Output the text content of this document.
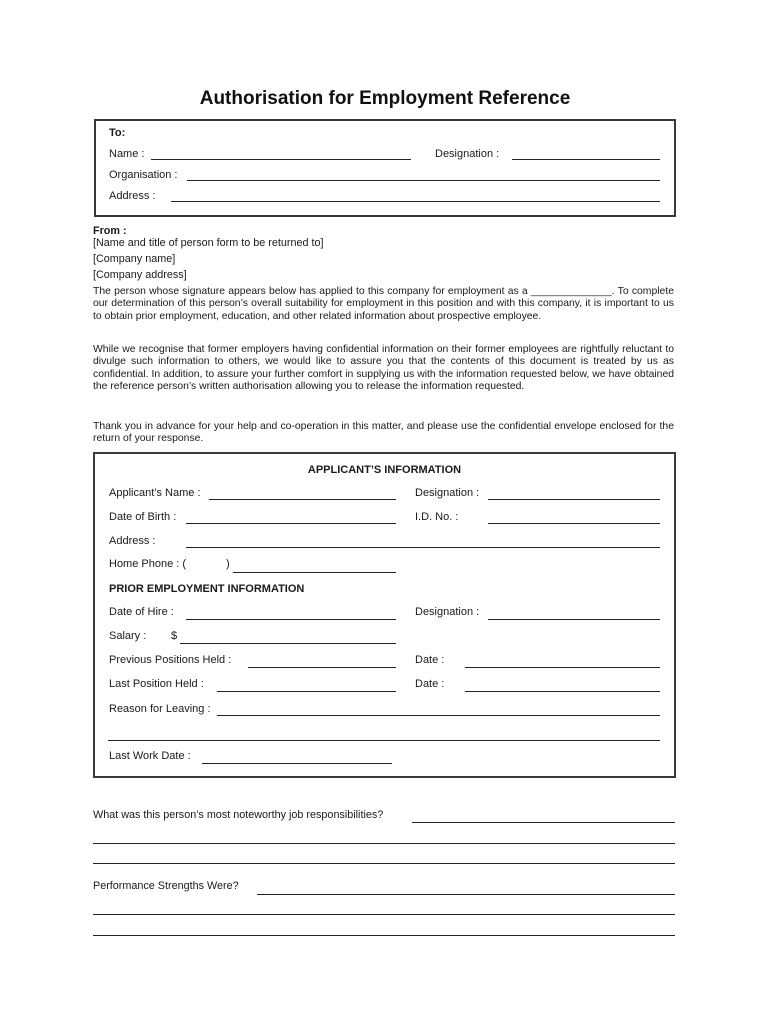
Authorisation for Employment Reference
To:
Name :	Designation :
Organisation :
Address :
From :
[Name and title of person form to be returned to]
[Company name]
[Company address]
The person whose signature appears below has applied to this company for employment as a ______________. To complete our determination of this person’s overall suitability for employment in this position and with this company, it is important to us to obtain prior employment, education, and other related information about prospective employee.
While we recognise that former employers having confidential information on their former employees are rightfully reluctant to divulge such information to others, we would like to assure you that the contents of this document is treated by us as confidential. In addition, to assure your further comfort in supplying us with the information requested below, we have obtained the reference person’s written authorisation allowing you to release the information requested.
Thank you in advance for your help and co-operation in this matter, and please use the confidential envelope enclosed for the return of your response.
APPLICANT’S INFORMATION
Applicant’s Name :	Designation :
Date of Birth :	I.D. No. :
Address :
Home Phone : (	)
PRIOR EMPLOYMENT INFORMATION
Date of Hire :	Designation :
Salary : $
Previous Positions Held :	Date :
Last Position Held :	Date :
Reason for Leaving :
Last Work Date :
What was this person’s most noteworthy job responsibilities?
Performance Strengths Were?
